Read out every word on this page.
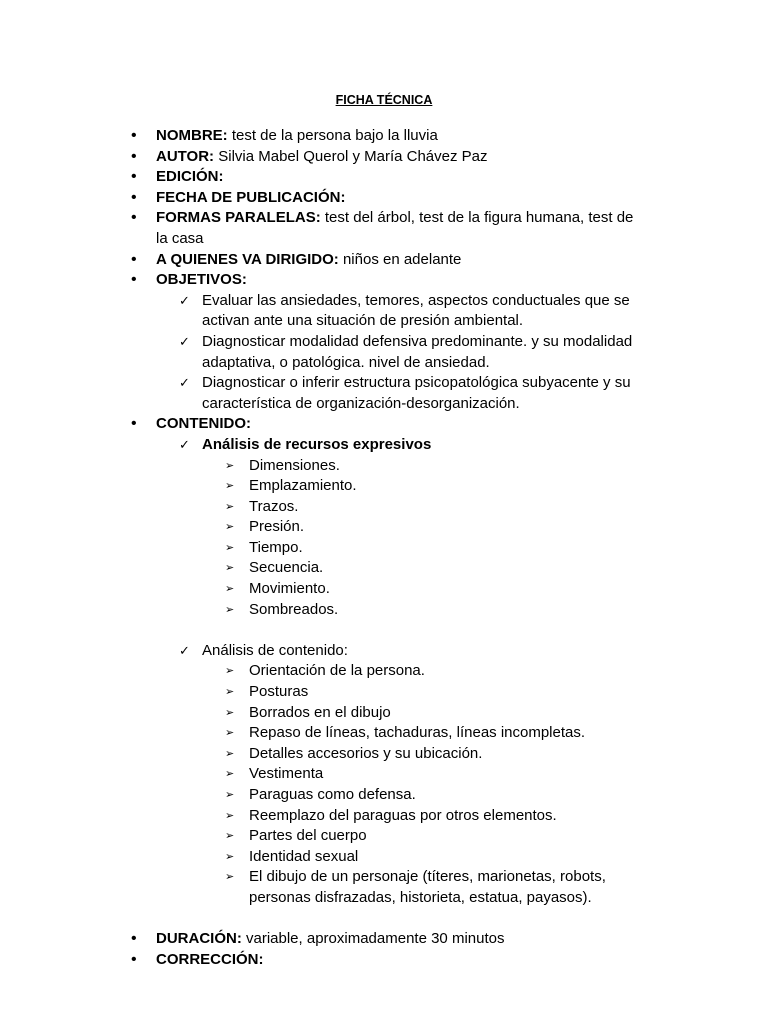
FICHA TÉCNICA
• NOMBRE: test de la persona bajo la lluvia
• AUTOR: Silvia Mabel Querol y María Chávez Paz
• EDICIÓN:
• FECHA DE PUBLICACIÓN:
• FORMAS PARALELAS: test del árbol, test de la figura humana, test de
la casa
• A QUIENES VA DIRIGIDO: niños en adelante
• OBJETIVOS:
✓ Evaluar las ansiedades, temores, aspectos conductuales que se
activan ante una situación de presión ambiental.
✓ Diagnosticar modalidad defensiva predominante. y su modalidad
adaptativa, o patológica. nivel de ansiedad.
✓ Diagnosticar o inferir estructura psicopatológica subyacente y su
característica de organización-desorganización.
• CONTENIDO:
✓ Análisis de recursos expresivos
➢ Dimensiones.
➢ Emplazamiento.
➢ Trazos.
➢ Presión.
➢ Tiempo.
➢ Secuencia.
➢ Movimiento.
➢ Sombreados.
✓ Análisis de contenido:
➢ Orientación de la persona.
➢ Posturas
➢ Borrados en el dibujo
➢ Repaso de líneas, tachaduras, líneas incompletas.
➢ Detalles accesorios y su ubicación.
➢ Vestimenta
➢ Paraguas como defensa.
➢ Reemplazo del paraguas por otros elementos.
➢ Partes del cuerpo
➢ Identidad sexual
➢ El dibujo de un personaje (títeres, marionetas, robots,
personas disfrazadas, historieta, estatua, payasos).
• DURACIÓN: variable, aproximadamente 30 minutos
• CORRECCIÓN:
